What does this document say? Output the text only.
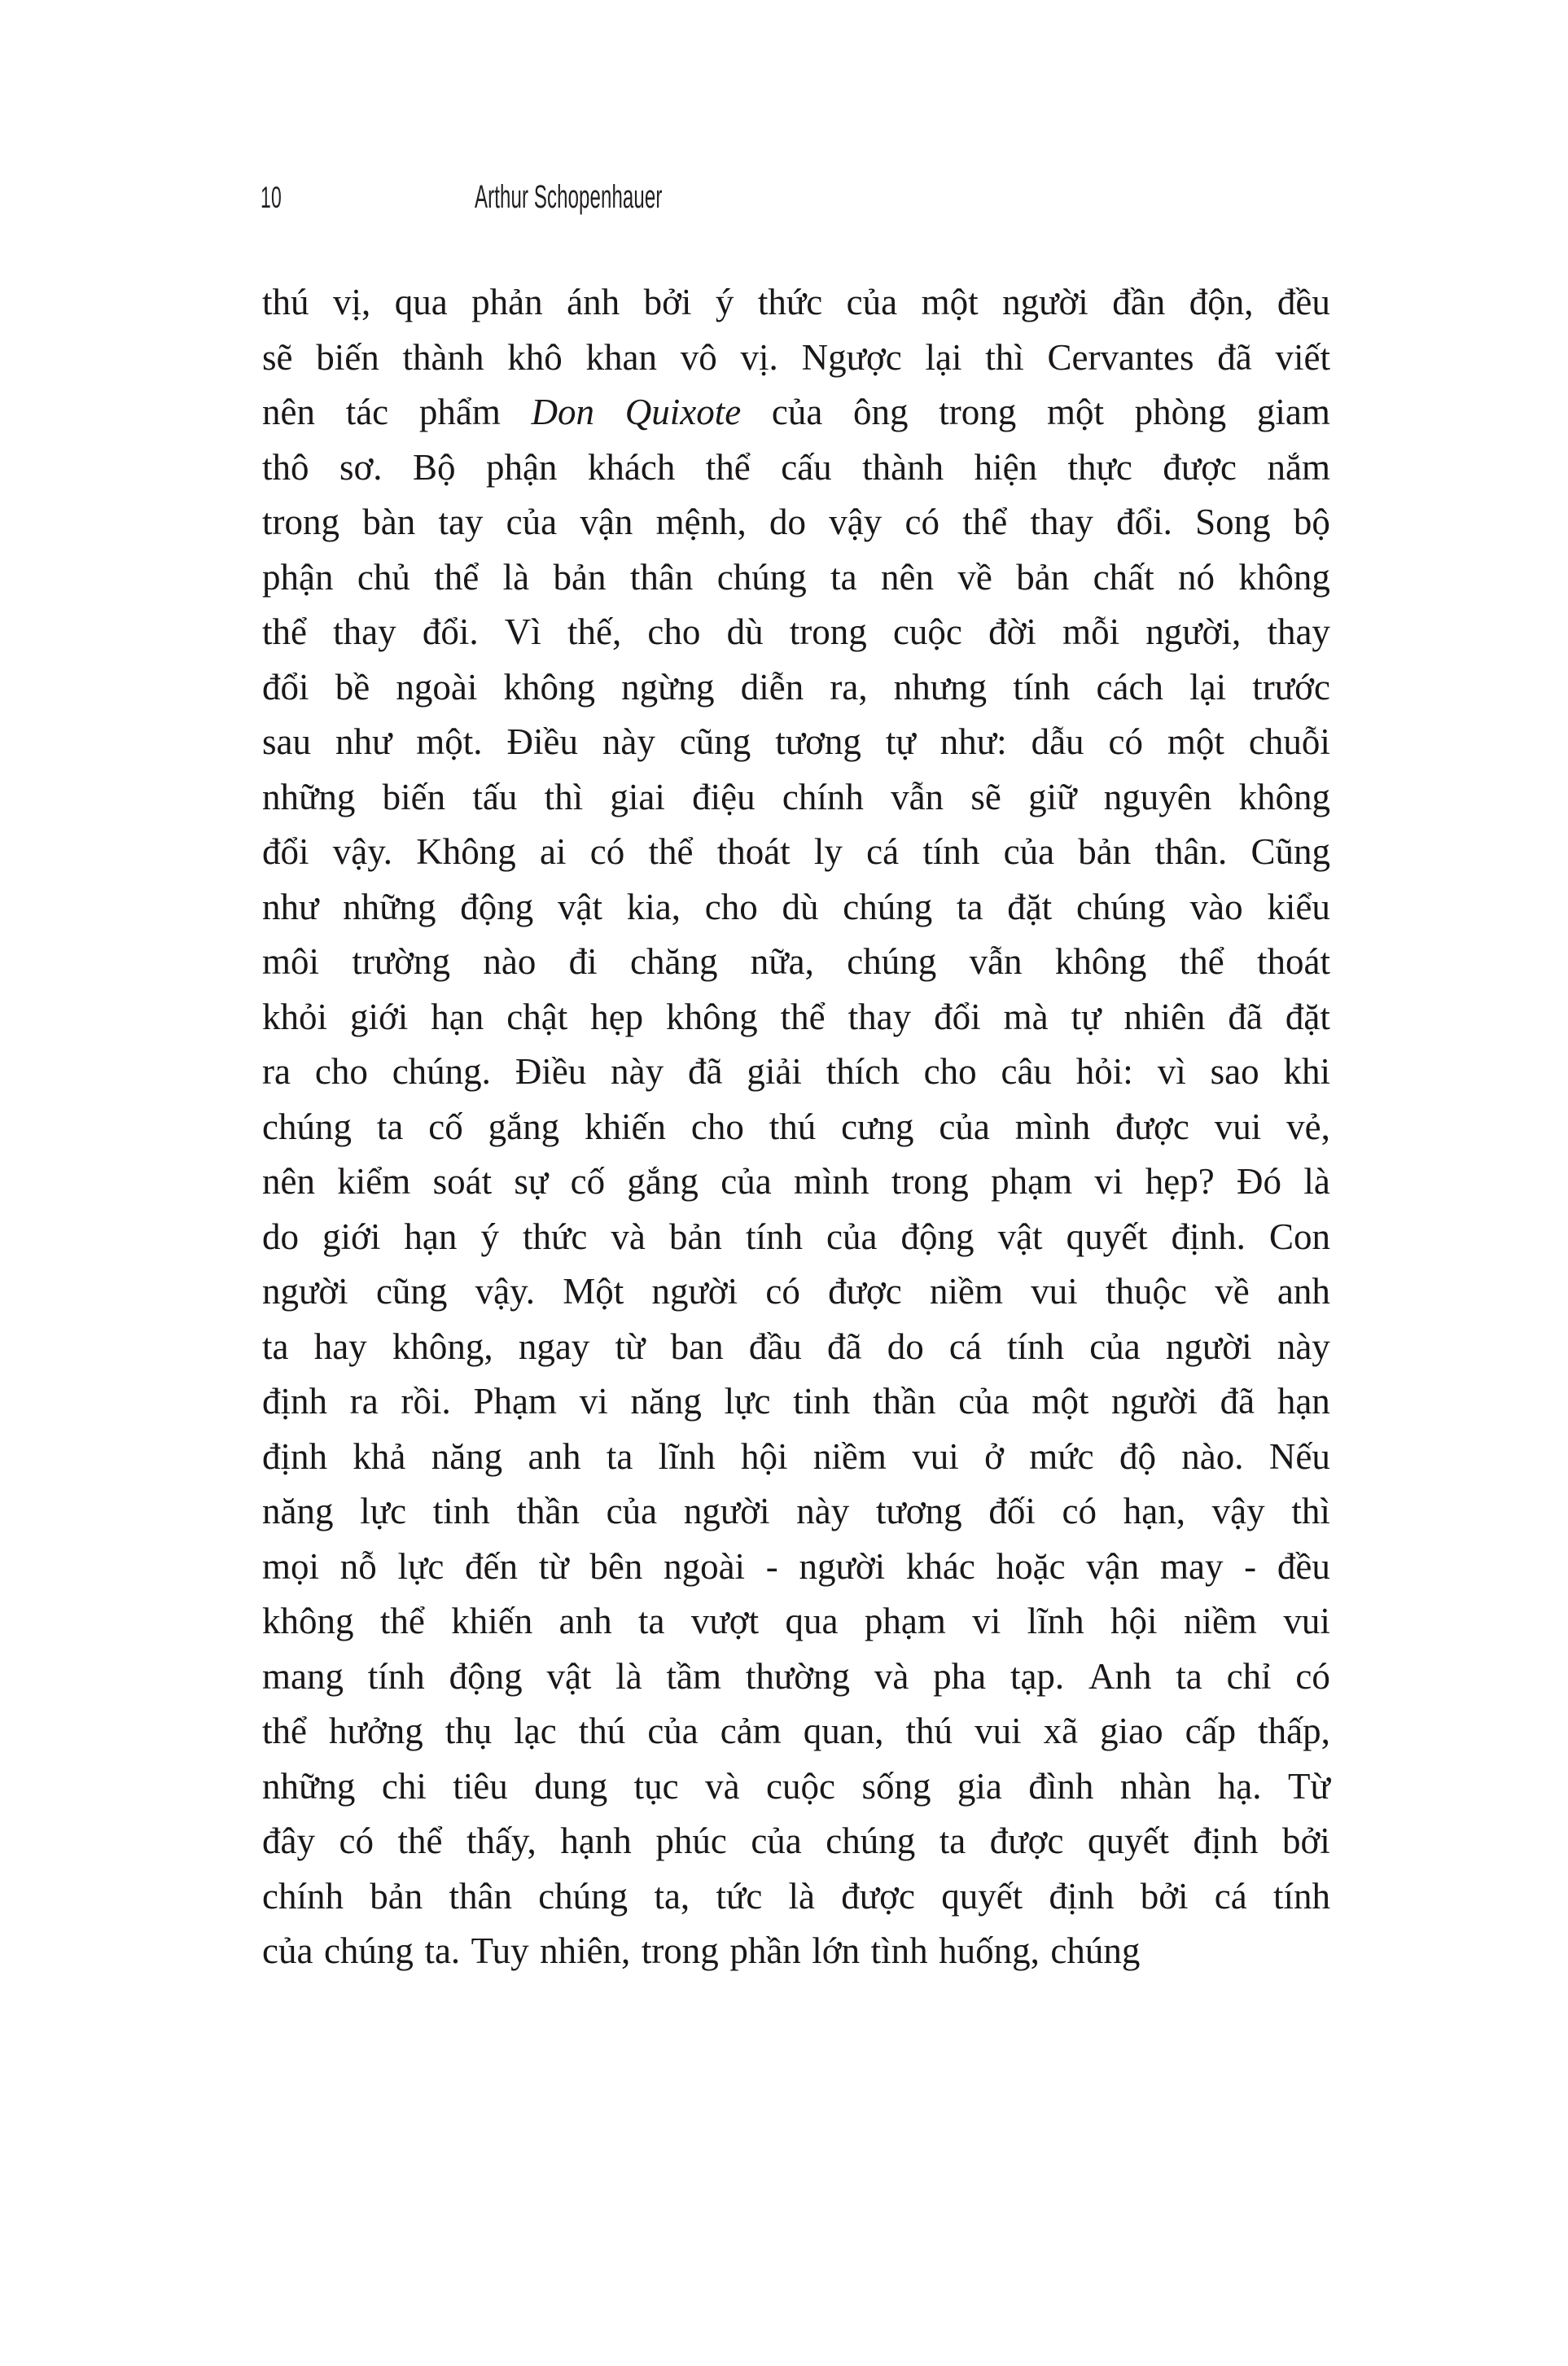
10	Arthur Schopenhauer
thú vị, qua phản ánh bởi ý thức của một người đần độn, đều
sẽ biến thành khô khan vô vị. Ngược lại thì Cervantes đã viết
nên tác phẩm Don Quixote của ông trong một phòng giam
thô sơ. Bộ phận khách thể cấu thành hiện thực được nắm
trong bàn tay của vận mệnh, do vậy có thể thay đổi. Song bộ
phận chủ thể là bản thân chúng ta nên về bản chất nó không
thể thay đổi. Vì thế, cho dù trong cuộc đời mỗi người, thay
đổi bề ngoài không ngừng diễn ra, nhưng tính cách lại trước
sau như một. Điều này cũng tương tự như: dẫu có một chuỗi
những biến tấu thì giai điệu chính vẫn sẽ giữ nguyên không
đổi vậy. Không ai có thể thoát ly cá tính của bản thân. Cũng
như những động vật kia, cho dù chúng ta đặt chúng vào kiểu
môi trường nào đi chăng nữa, chúng vẫn không thể thoát
khỏi giới hạn chật hẹp không thể thay đổi mà tự nhiên đã đặt
ra cho chúng. Điều này đã giải thích cho câu hỏi: vì sao khi
chúng ta cố gắng khiến cho thú cưng của mình được vui vẻ,
nên kiểm soát sự cố gắng của mình trong phạm vi hẹp? Đó là
do giới hạn ý thức và bản tính của động vật quyết định. Con
người cũng vậy. Một người có được niềm vui thuộc về anh
ta hay không, ngay từ ban đầu đã do cá tính của người này
định ra rồi. Phạm vi năng lực tinh thần của một người đã hạn
định khả năng anh ta lĩnh hội niềm vui ở mức độ nào. Nếu
năng lực tinh thần của người này tương đối có hạn, vậy thì
mọi nỗ lực đến từ bên ngoài - người khác hoặc vận may - đều
không thể khiến anh ta vượt qua phạm vi lĩnh hội niềm vui
mang tính động vật là tầm thường và pha tạp. Anh ta chỉ có
thể hưởng thụ lạc thú của cảm quan, thú vui xã giao cấp thấp,
những chi tiêu dung tục và cuộc sống gia đình nhàn hạ. Từ
đây có thể thấy, hạnh phúc của chúng ta được quyết định bởi
chính bản thân chúng ta, tức là được quyết định bởi cá tính
của chúng ta. Tuy nhiên, trong phần lớn tình huống, chúng
